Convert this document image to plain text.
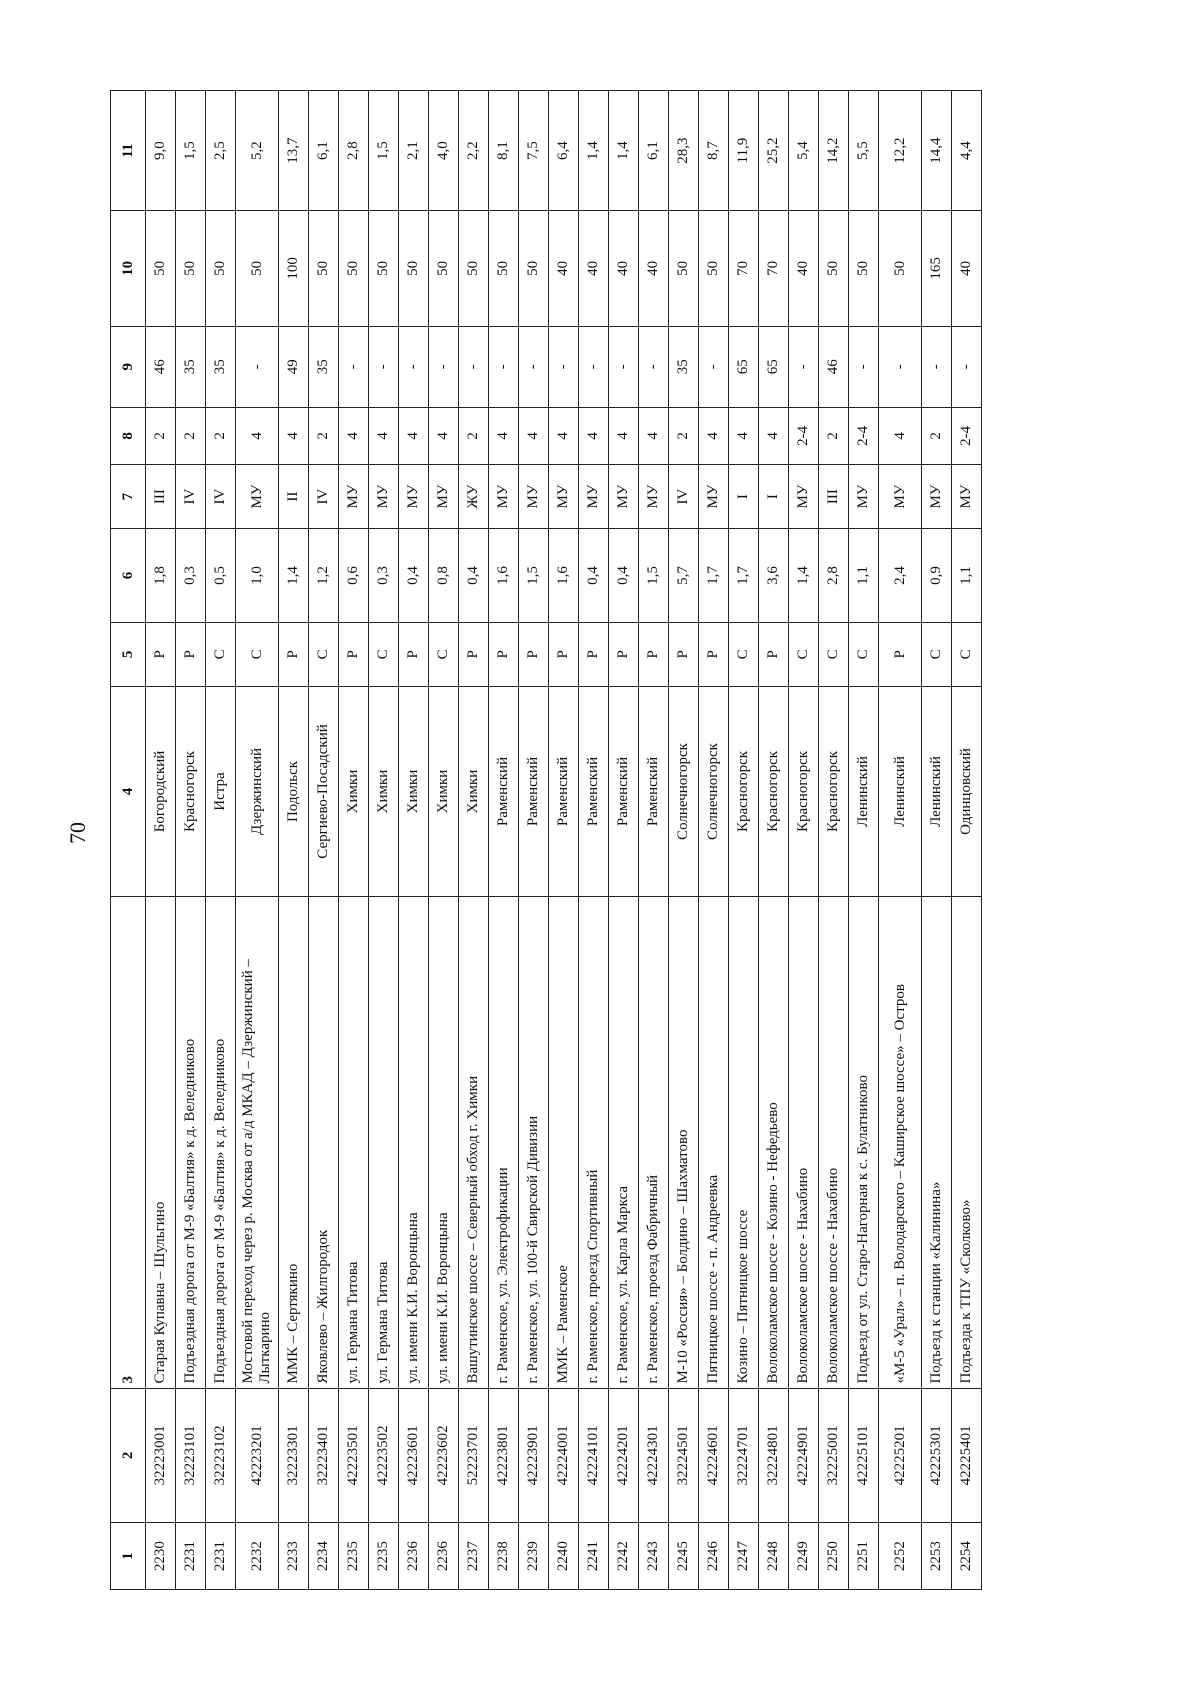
70
1	2	3	4	5	6	7	8	9	10	11
2230	32223001	Старая Купавна – Шульгино	Богородский	Р	1,8	III	2	46	50	9,0
2231	32223101	Подъездная дорога от М-9 «Балтия» к д. Веледниково	Красногорск	Р	0,3	IV	2	35	50	1,5
2231	32223102	Подъездная дорога от М-9 «Балтия» к д. Веледниково	Истра	С	0,5	IV	2	35	50	2,5
2232	42223201	Мостовой переход через р. Москва от а/д МКАД – Дзержинский – Лыткарино	Дзержинский	С	1,0	МУ	4	-	50	5,2
2233	32223301	ММК – Сертякино	Подольск	Р	1,4	II	4	49	100	13,7
2234	32223401	Яковлево – Жилгородок	Сергиево-Посадский	С	1,2	IV	2	35	50	6,1
2235	42223501	ул. Германа Титова	Химки	Р	0,6	МУ	4	-	50	2,8
2235	42223502	ул. Германа Титова	Химки	С	0,3	МУ	4	-	50	1,5
2236	42223601	ул. имени К.И. Воронцына	Химки	Р	0,4	МУ	4	-	50	2,1
2236	42223602	ул. имени К.И. Воронцына	Химки	С	0,8	МУ	4	-	50	4,0
2237	52223701	Вашутинское шоссе – Северный обход г. Химки	Химки	Р	0,4	ЖУ	2	-	50	2,2
2238	42223801	г. Раменское, ул. Электрофикации	Раменский	Р	1,6	МУ	4	-	50	8,1
2239	42223901	г. Раменское, ул. 100-й Свирской Дивизии	Раменский	Р	1,5	МУ	4	-	50	7,5
2240	42224001	ММК – Раменское	Раменский	Р	1,6	МУ	4	-	40	6,4
2241	42224101	г. Раменское, проезд Спортивный	Раменский	Р	0,4	МУ	4	-	40	1,4
2242	42224201	г. Раменское, ул. Карла Маркса	Раменский	Р	0,4	МУ	4	-	40	1,4
2243	42224301	г. Раменское, проезд Фабричный	Раменский	Р	1,5	МУ	4	-	40	6,1
2245	32224501	М-10 «Россия» – Болдино – Шахматово	Солнечногорск	Р	5,7	IV	2	35	50	28,3
2246	42224601	Пятницкое шоссе - п. Андреевка	Солнечногорск	Р	1,7	МУ	4	-	50	8,7
2247	32224701	Козино – Пятницкое шоссе	Красногорск	С	1,7	I	4	65	70	11,9
2248	32224801	Волоколамское шоссе - Козино - Нефедьево	Красногорск	Р	3,6	I	4	65	70	25,2
2249	42224901	Волоколамское шоссе - Нахабино	Красногорск	С	1,4	МУ	2-4	-	40	5,4
2250	32225001	Волоколамское шоссе - Нахабино	Красногорск	С	2,8	III	2	46	50	14,2
2251	42225101	Подъезд от ул. Старо-Нагорная к с. Булатниково	Ленинский	С	1,1	МУ	2-4	-	50	5,5
2252	42225201	«М-5 «Урал» – п. Володарского – Каширское шоссе» – Остров	Ленинский	Р	2,4	МУ	4	-	50	12,2
2253	42225301	Подъезд к станции «Калинина»	Ленинский	С	0,9	МУ	2	-	165	14,4
2254	42225401	Подъезда к ТПУ «Сколково»	Одинцовский	С	1,1	МУ	2-4	-	40	4,4
